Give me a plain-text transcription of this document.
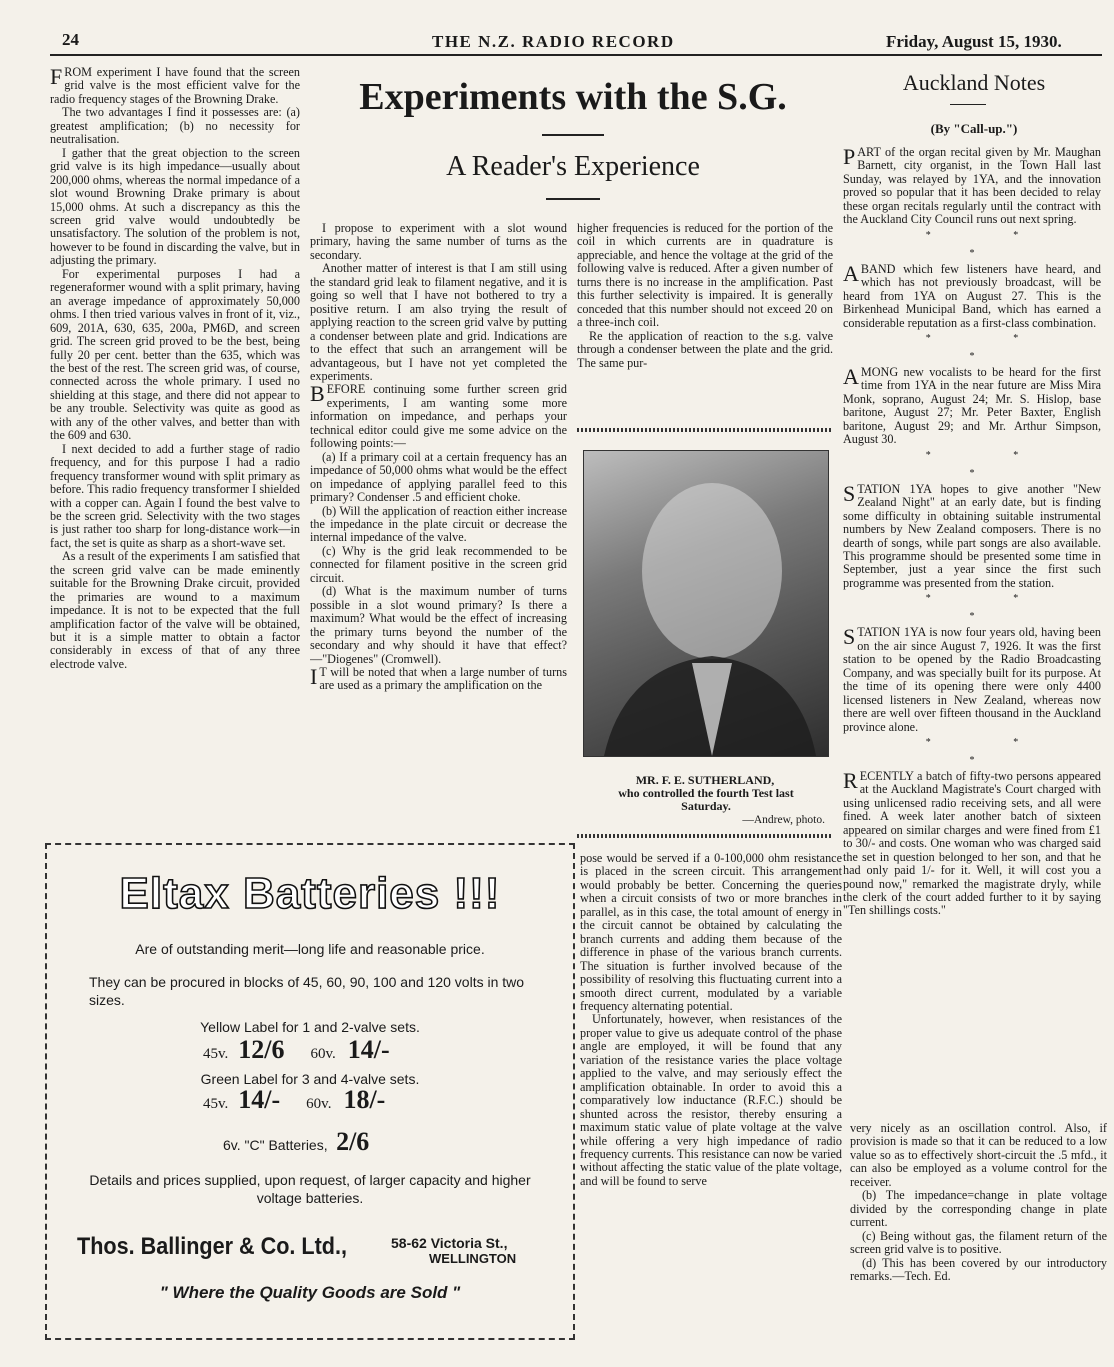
24	THE N.Z. RADIO RECORD	Friday, August 15, 1930.

FROM experiment I have found that the screen grid valve is the most efficient valve for the radio frequency stages of the Browning Drake.

The two advantages I find it possesses are: (a) greatest amplification; (b) no necessity for neutralisation.

I gather that the great objection to the screen grid valve is its high impedance—usually about 200,000 ohms, whereas the normal impedance of a slot wound Browning Drake primary is about 15,000 ohms. At such a discrepancy as this the screen grid valve would undoubtedly be unsatisfactory. The solution of the problem is not, however to be found in discarding the valve, but in adjusting the primary.

For experimental purposes I had a regeneraformer wound with a split primary, having an average impedance of approximately 50,000 ohms. I then tried various valves in front of it, viz., 609, 201A, 630, 635, 200a, PM6D, and screen grid. The screen grid proved to be the best, being fully 20 per cent. better than the 635, which was the best of the rest. The screen grid was, of course, connected across the whole primary. I used no shielding at this stage, and there did not appear to be any trouble. Selectivity was quite as good as with any of the other valves, and better than with the 609 and 630.

I next decided to add a further stage of radio frequency, and for this purpose I had a radio frequency transformer wound with split primary as before. This radio frequency transformer I shielded with a copper can. Again I found the best valve to be the screen grid. Selectivity with the two stages is just rather too sharp for long-distance work—in fact, the set is quite as sharp as a short-wave set.

As a result of the experiments I am satisfied that the screen grid valve can be made eminently suitable for the Browning Drake circuit, provided the primaries are wound to a maximum impedance. It is not to be expected that the full amplification factor of the valve will be obtained, but it is a simple matter to obtain a factor considerably in excess of that of any three electrode valve.

Experiments with the S.G.
A Reader's Experience

I propose to experiment with a slot wound primary, having the same number of turns as the secondary.

Another matter of interest is that I am still using the standard grid leak to filament negative, and it is going so well that I have not bothered to try a positive return. I am also trying the result of applying reaction to the screen grid valve by putting a condenser between plate and grid. Indications are to the effect that such an arrangement will be advantageous, but I have not yet completed the experiments.

BEFORE continuing some further screen grid experiments, I am wanting some more information on impedance, and perhaps your technical editor could give me some advice on the following points:—

(a) If a primary coil at a certain frequency has an impedance of 50,000 ohms what would be the effect on impedance of applying parallel feed to this primary? Condenser .5 and efficient choke.

(b) Will the application of reaction either increase the impedance in the plate circuit or decrease the internal impedance of the valve.

(c) Why is the grid leak recommended to be connected for filament positive in the screen grid circuit.

(d) What is the maximum number of turns possible in a slot wound primary? Is there a maximum? What would be the effect of increasing the primary turns beyond the number of the secondary and why should it have that effect?—"Diogenes" (Cromwell).

I T will be noted that when a large number of turns are used as a primary the amplification on the

higher frequencies is reduced for the portion of the coil in which currents are in quadrature is appreciable, and hence the voltage at the grid of the following valve is reduced. After a given number of turns there is no increase in the amplification. Past this further selectivity is impaired. It is generally conceded that this number should not exceed 20 on a three-inch coil.

Re the application of reaction to the s.g. valve through a condenser between the plate and the grid. The same pur-

MR. F. E. SUTHERLAND,
who controlled the fourth Test last Saturday.
—Andrew, photo.

pose would be served if a 0-100,000 ohm resistance is placed in the screen circuit. This arrangement would probably be better. Concerning the queries when a circuit consists of two or more branches in parallel, as in this case, the total amount of energy in the circuit cannot be obtained by calculating the branch currents and adding them because of the difference in phase of the various branch currents. The situation is further involved because of the possibility of resolving this fluctuating current into a smooth direct current, modulated by a variable frequency alternating potential.

Unfortunately, however, when resistances of the proper value to give us adequate control of the phase angle are employed, it will be found that any variation of the resistance varies the place voltage applied to the valve, and may seriously effect the amplification obtainable. In order to avoid this a comparatively low inductance (R.F.C.) should be shunted across the resistor, thereby ensuring a maximum static value of plate voltage at the valve while offering a very high impedance of radio frequency currents. This resistance can now be varied without affecting the static value of the plate voltage, and will be found to serve

Auckland Notes
(By "Call-up.")

PART of the organ recital given by Mr. Maughan Barnett, city organist, in the Town Hall last Sunday, was relayed by 1YA, and the innovation proved so popular that it has been decided to relay these organ recitals regularly until the contract with the Auckland City Council runs out next spring.

* * *

A BAND which few listeners have heard, and which has not previously broadcast, will be heard from 1YA on August 27. This is the Birkenhead Municipal Band, which has earned a considerable reputation as a first-class combination.

* * *

AMONG new vocalists to be heard for the first time from 1YA in the near future are Miss Mira Monk, soprano, August 24; Mr. S. Hislop, base baritone, August 27; Mr. Peter Baxter, English baritone, August 29; and Mr. Arthur Simpson, August 30.

* * *

STATION 1YA hopes to give another "New Zealand Night" at an early date, but is finding some difficulty in obtaining suitable instrumental numbers by New Zealand composers. There is no dearth of songs, while part songs are also available. This programme should be presented some time in September, just a year since the first such programme was presented from the station.

* * *

STATION 1YA is now four years old, having been on the air since August 7, 1926. It was the first station to be opened by the Radio Broadcasting Company, and was specially built for its purpose. At the time of its opening there were only 4400 licensed listeners in New Zealand, whereas now there are well over fifteen thousand in the Auckland province alone.

* * *

RECENTLY a batch of fifty-two persons appeared at the Auckland Magistrate's Court charged with using unlicensed radio receiving sets, and all were fined. A week later another batch of sixteen appeared on similar charges and were fined from £1 to 30/- and costs. One woman who was charged said the set in question belonged to her son, and that he had only paid 1/- for it. Well, it will cost you a pound now," remarked the magistrate dryly, while the clerk of the court added further to it by saying "Ten shillings costs."

very nicely as an oscillation control. Also, if provision is made so that it can be reduced to a low value so as to effectively short-circuit the .5 mfd., it can also be employed as a volume control for the receiver.

(b) The impedance=change in plate voltage divided by the corresponding change in plate current.

(c) Being without gas, the filament return of the screen grid valve is to positive.

(d) This has been covered by our introductory remarks.—Tech. Ed.

Eltax Batteries !!!
Are of outstanding merit—long life and reasonable price.
They can be procured in blocks of 45, 60, 90, 100 and 120 volts in two sizes.
Yellow Label for 1 and 2-valve sets.
45v. 12/6 60v. 14/-
Green Label for 3 and 4-valve sets.
45v. 14/- 60v. 18/-
6v. "C" Batteries, 2/6
Details and prices supplied, upon request, of larger capacity and higher voltage batteries.
Thos. Ballinger & Co. Ltd.,	58-62 Victoria St.,
WELLINGTON
" Where the Quality Goods are Sold "
